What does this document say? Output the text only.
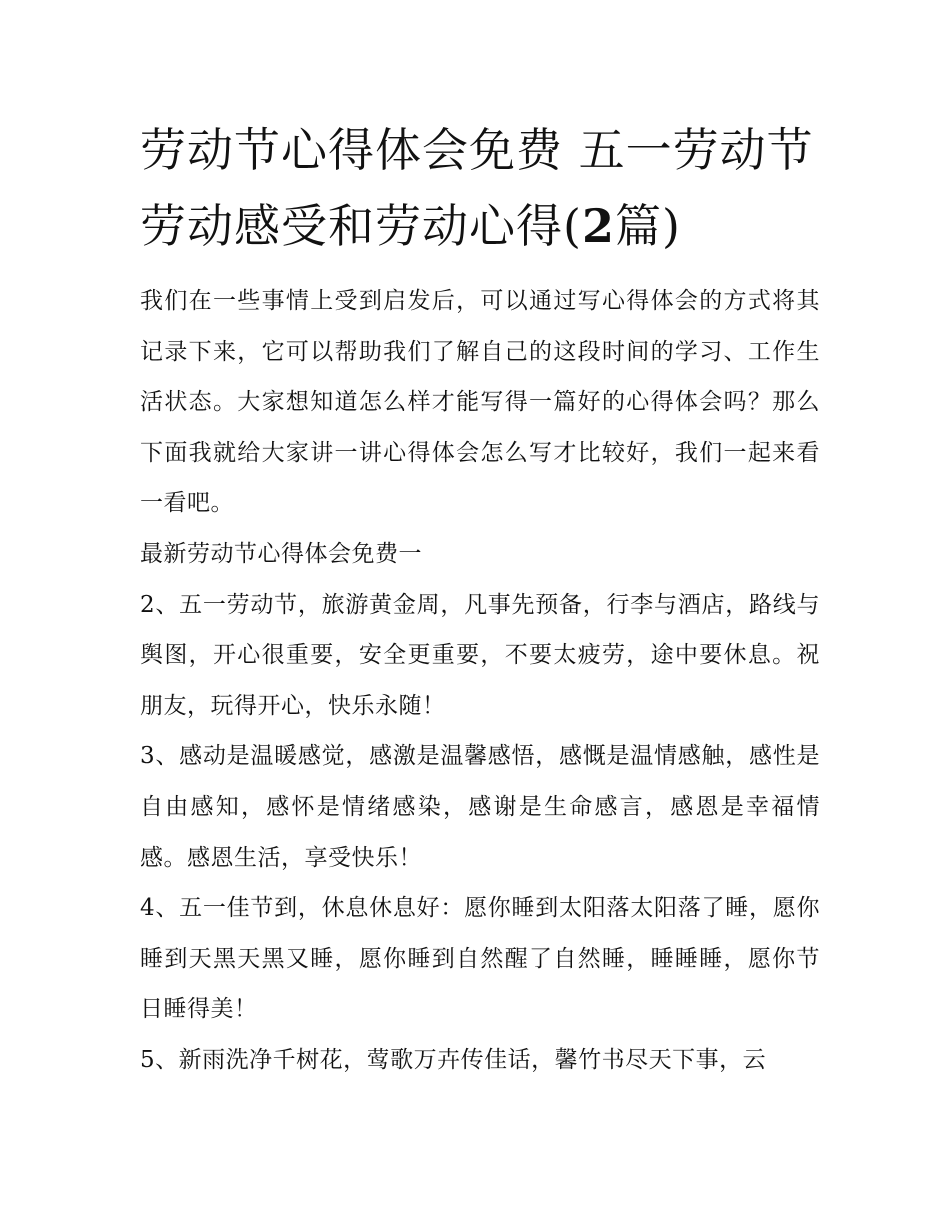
劳动节心得体会免费 五一劳动节劳动感受和劳动心得(2篇)

我们在一些事情上受到启发后，可以通过写心得体会的方式将其记录下来，它可以帮助我们了解自己的这段时间的学习、工作生活状态。大家想知道怎么样才能写得一篇好的心得体会吗？那么下面我就给大家讲一讲心得体会怎么写才比较好，我们一起来看一看吧。

最新劳动节心得体会免费一

2、五一劳动节，旅游黄金周，凡事先预备，行李与酒店，路线与舆图，开心很重要，安全更重要，不要太疲劳，途中要休息。祝朋友，玩得开心，快乐永随！

3、感动是温暖感觉，感激是温馨感悟，感慨是温情感触，感性是自由感知，感怀是情绪感染，感谢是生命感言，感恩是幸福情感。感恩生活，享受快乐！

4、五一佳节到，休息休息好：愿你睡到太阳落太阳落了睡，愿你睡到天黑天黑又睡，愿你睡到自然醒了自然睡，睡睡睡，愿你节日睡得美！

5、新雨洗净千树花，莺歌万卉传佳话，馨竹书尽天下事，云
